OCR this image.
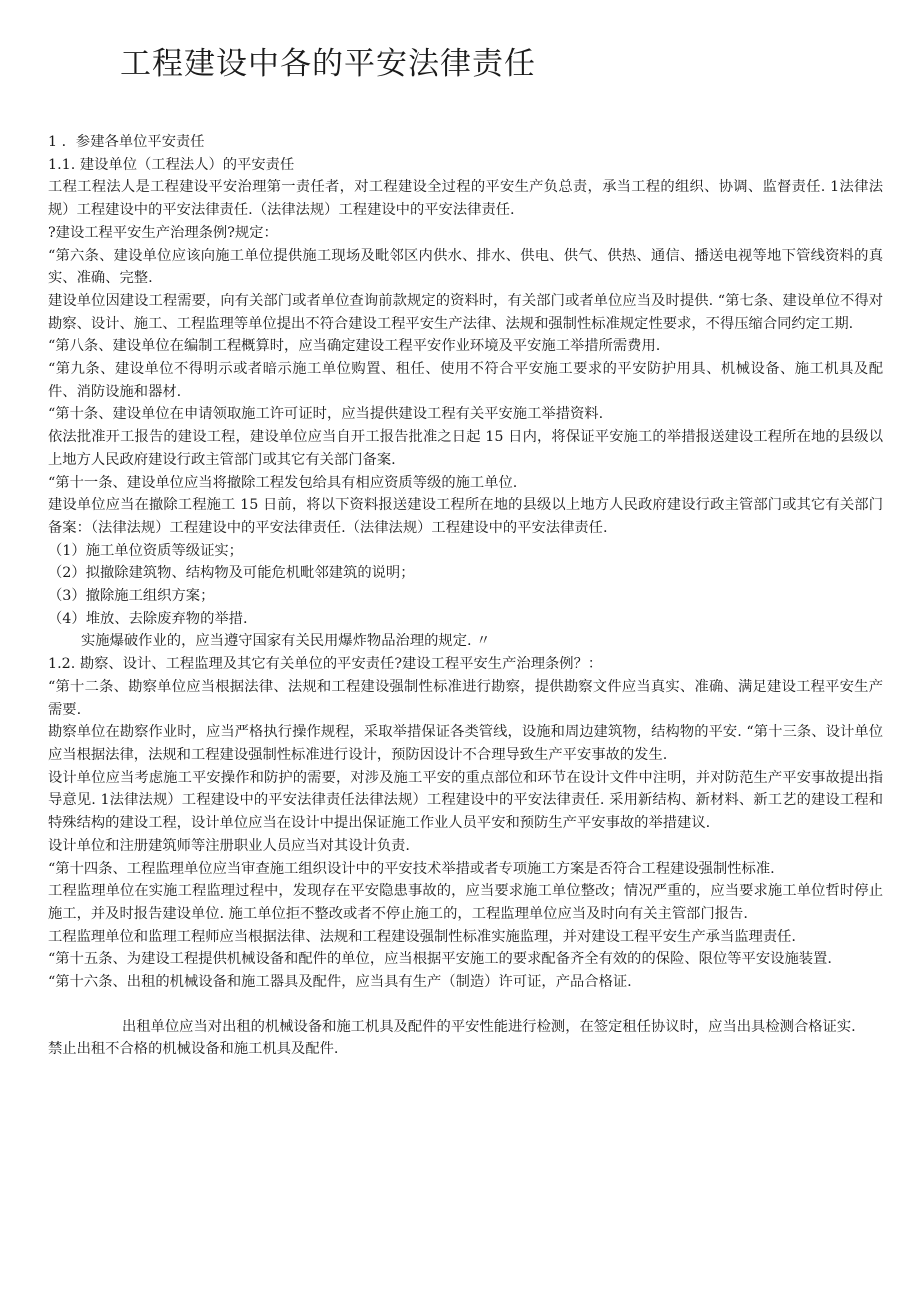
工程建设中各的平安法律责任

1 ．参建各单位平安责任

1.1. 建设单位（工程法人）的平安责任

工程工程法人是工程建设平安治理第一责任者，对工程建设全过程的平安生产负总责，承当工程的组织、协调、监督责任. 1法律法规）工程建设中的平安法律责任.（法律法规）工程建设中的平安法律责任.

?建设工程平安生产治理条例?规定：

“第六条、建设单位应该向施工单位提供施工现场及毗邻区内供水、排水、供电、供气、供热、通信、播送电视等地下管线资料的真实、准确、完整.

建设单位因建设工程需要，向有关部门或者单位查询前款规定的资料时，有关部门或者单位应当及时提供. “第七条、建设单位不得对勘察、设计、施工、工程监理等单位提出不符合建设工程平安生产法律、法规和强制性标准规定性要求，不得压缩合同约定工期.

“第八条、建设单位在编制工程概算时，应当确定建设工程平安作业环境及平安施工举措所需费用.

“第九条、建设单位不得明示或者暗示施工单位购置、租任、使用不符合平安施工要求的平安防护用具、机械设备、施工机具及配件、消防设施和器材.

“第十条、建设单位在申请领取施工许可证时，应当提供建设工程有关平安施工举措资料.

依法批准开工报告的建设工程，建设单位应当自开工报告批准之日起 15 日内，将保证平安施工的举措报送建设工程所在地的县级以上地方人民政府建设行政主管部门或其它有关部门备案.

“第十一条、建设单位应当将撤除工程发包给具有相应资质等级的施工单位.

建设单位应当在撤除工程施工 15 日前，将以下资料报送建设工程所在地的县级以上地方人民政府建设行政主管部门或其它有关部门备案：（法律法规）工程建设中的平安法律责任.（法律法规）工程建设中的平安法律责任.

（1）施工单位资质等级证实；

（2）拟撤除建筑物、结构物及可能危机毗邻建筑的说明；

（3）撤除施工组织方案；

（4）堆放、去除废弃物的举措.

实施爆破作业的，应当遵守国家有关民用爆炸物品治理的规定. 〃

1.2. 勘察、设计、工程监理及其它有关单位的平安责任?建设工程平安生产治理条例？：

“第十二条、勘察单位应当根据法律、法规和工程建设强制性标准进行勘察，提供勘察文件应当真实、准确、满足建设工程平安生产需要.

勘察单位在勘察作业时，应当严格执行操作规程，采取举措保证各类管线，设施和周边建筑物，结构物的平安. “第十三条、设计单位应当根据法律，法规和工程建设强制性标准进行设计，预防因设计不合理导致生产平安事故的发生.

设计单位应当考虑施工平安操作和防护的需要，对涉及施工平安的重点部位和环节在设计文件中注明，并对防范生产平安事故提出指导意见. 1法律法规）工程建设中的平安法律责任法律法规）工程建设中的平安法律责任. 采用新结构、新材料、新工艺的建设工程和特殊结构的建设工程，设计单位应当在设计中提出保证施工作业人员平安和预防生产平安事故的举措建议.

设计单位和注册建筑师等注册职业人员应当对其设计负责.

“第十四条、工程监理单位应当审查施工组织设计中的平安技术举措或者专项施工方案是否符合工程建设强制性标准.

工程监理单位在实施工程监理过程中，发现存在平安隐患事故的，应当要求施工单位整改；情况严重的，应当要求施工单位哲时停止施工，并及时报告建设单位. 施工单位拒不整改或者不停止施工的，工程监理单位应当及时向有关主管部门报告.

工程监理单位和监理工程师应当根据法律、法规和工程建设强制性标准实施监理，并对建设工程平安生产承当监理责任.

“第十五条、为建设工程提供机械设备和配件的单位，应当根据平安施工的要求配备齐全有效的的保险、限位等平安设施装置.

“第十六条、出租的机械设备和施工器具及配件，应当具有生产（制造）许可证，产品合格证.

出租单位应当对出租的机械设备和施工机具及配件的平安性能进行检测，在签定租任协议时，应当出具检测合格证实.

禁止出租不合格的机械设备和施工机具及配件.
